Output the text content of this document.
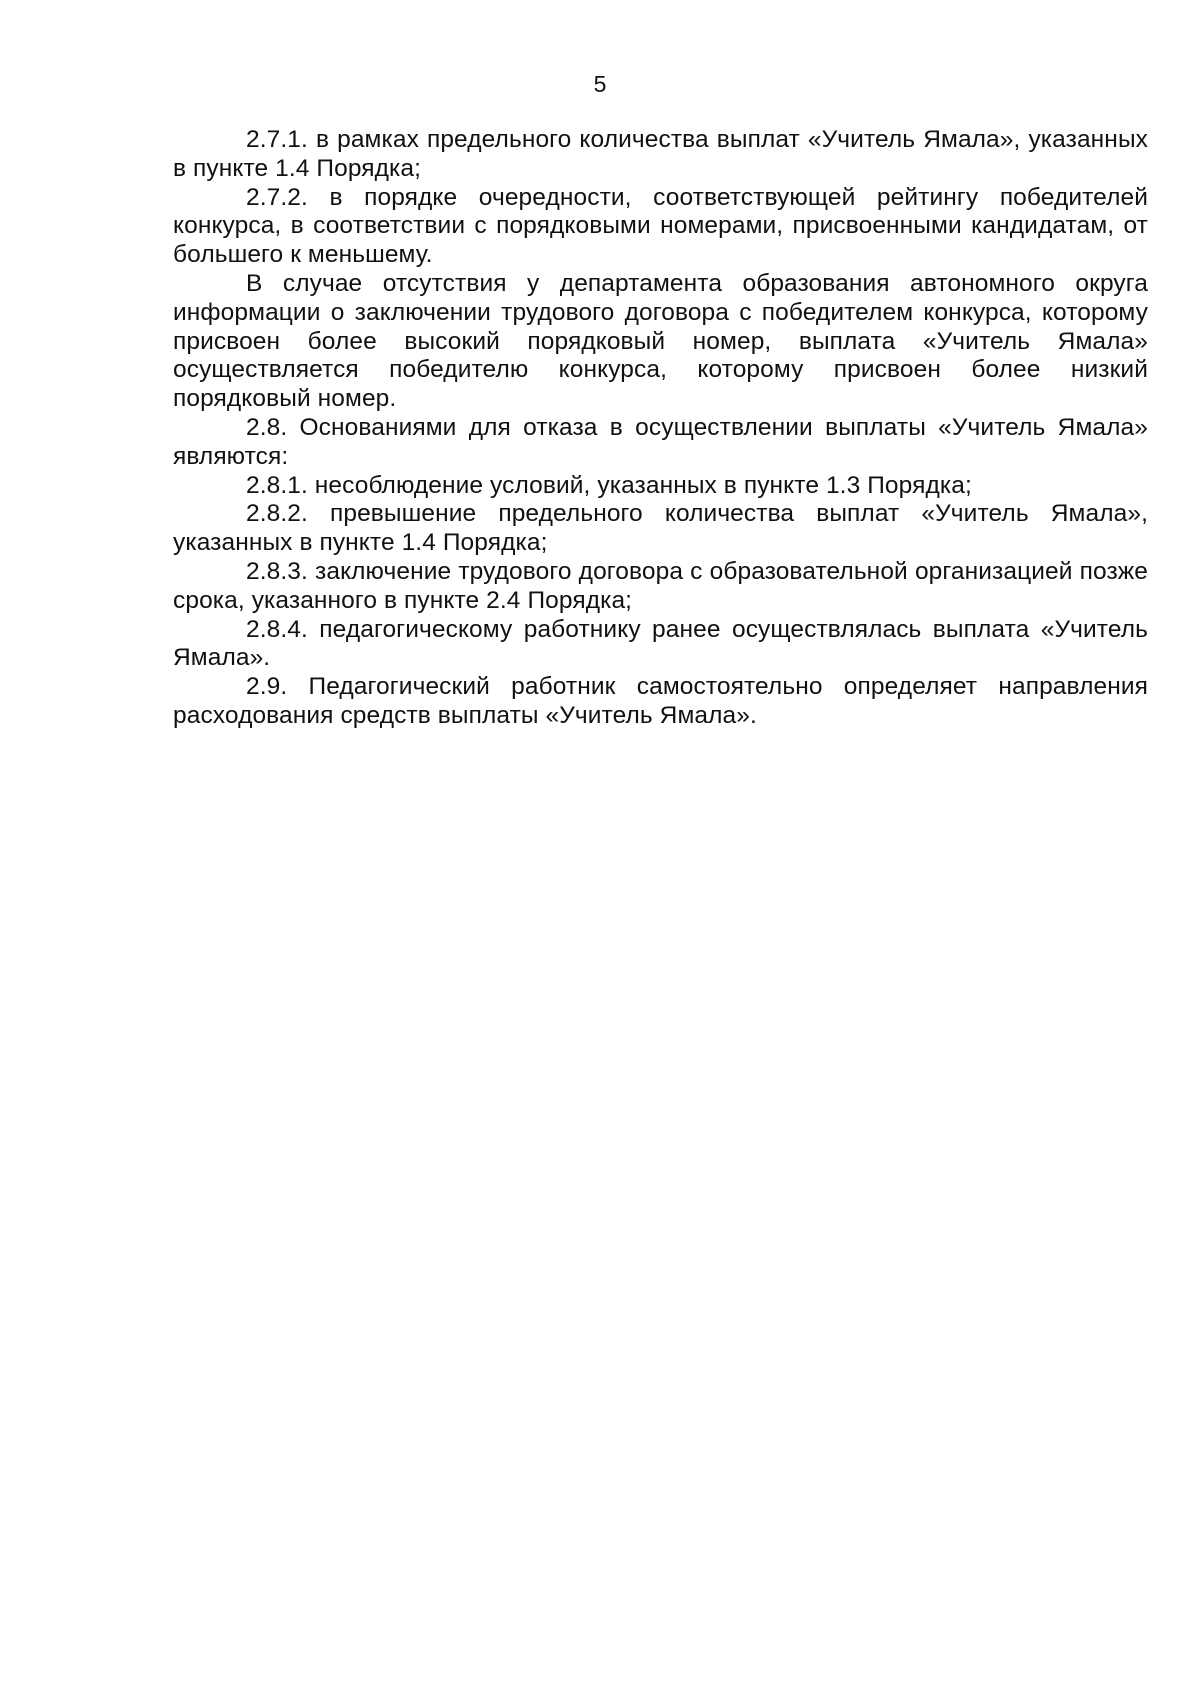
5

2.7.1. в рамках предельного количества выплат «Учитель Ямала», указанных в пункте 1.4 Порядка;

2.7.2. в порядке очередности, соответствующей рейтингу победителей конкурса, в соответствии с порядковыми номерами, присвоенными кандидатам, от большего к меньшему.

В случае отсутствия у департамента образования автономного округа информации о заключении трудового договора с победителем конкурса, которому присвоен более высокий порядковый номер, выплата «Учитель Ямала» осуществляется победителю конкурса, которому присвоен более низкий порядковый номер.

2.8. Основаниями для отказа в осуществлении выплаты «Учитель Ямала» являются:

2.8.1. несоблюдение условий, указанных в пункте 1.3 Порядка;

2.8.2. превышение предельного количества выплат «Учитель Ямала», указанных в пункте 1.4 Порядка;

2.8.3. заключение трудового договора с образовательной организацией позже срока, указанного в пункте 2.4 Порядка;

2.8.4. педагогическому работнику ранее осуществлялась выплата «Учитель Ямала».

2.9. Педагогический работник самостоятельно определяет направления расходования средств выплаты «Учитель Ямала».
